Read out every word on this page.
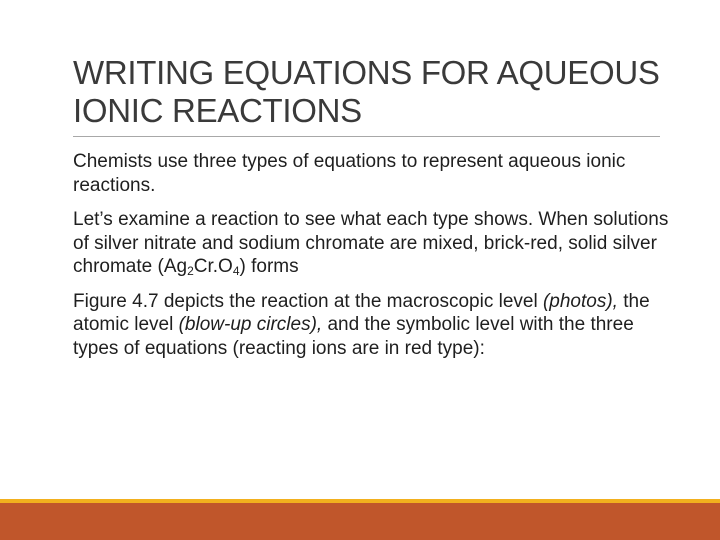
WRITING EQUATIONS FOR AQUEOUS
IONIC REACTIONS

Chemists use three types of equations to represent aqueous ionic reactions.

Let’s examine a reaction to see what each type shows. When solutions of silver nitrate and sodium chromate are mixed, brick-red, solid silver chromate $(Ag_2Cr.O_4)$ forms

Figure 4.7 depicts the reaction at the macroscopic level (photos), the atomic level (blow-up circles), and the symbolic level with the three types of equations (reacting ions are in red type):
